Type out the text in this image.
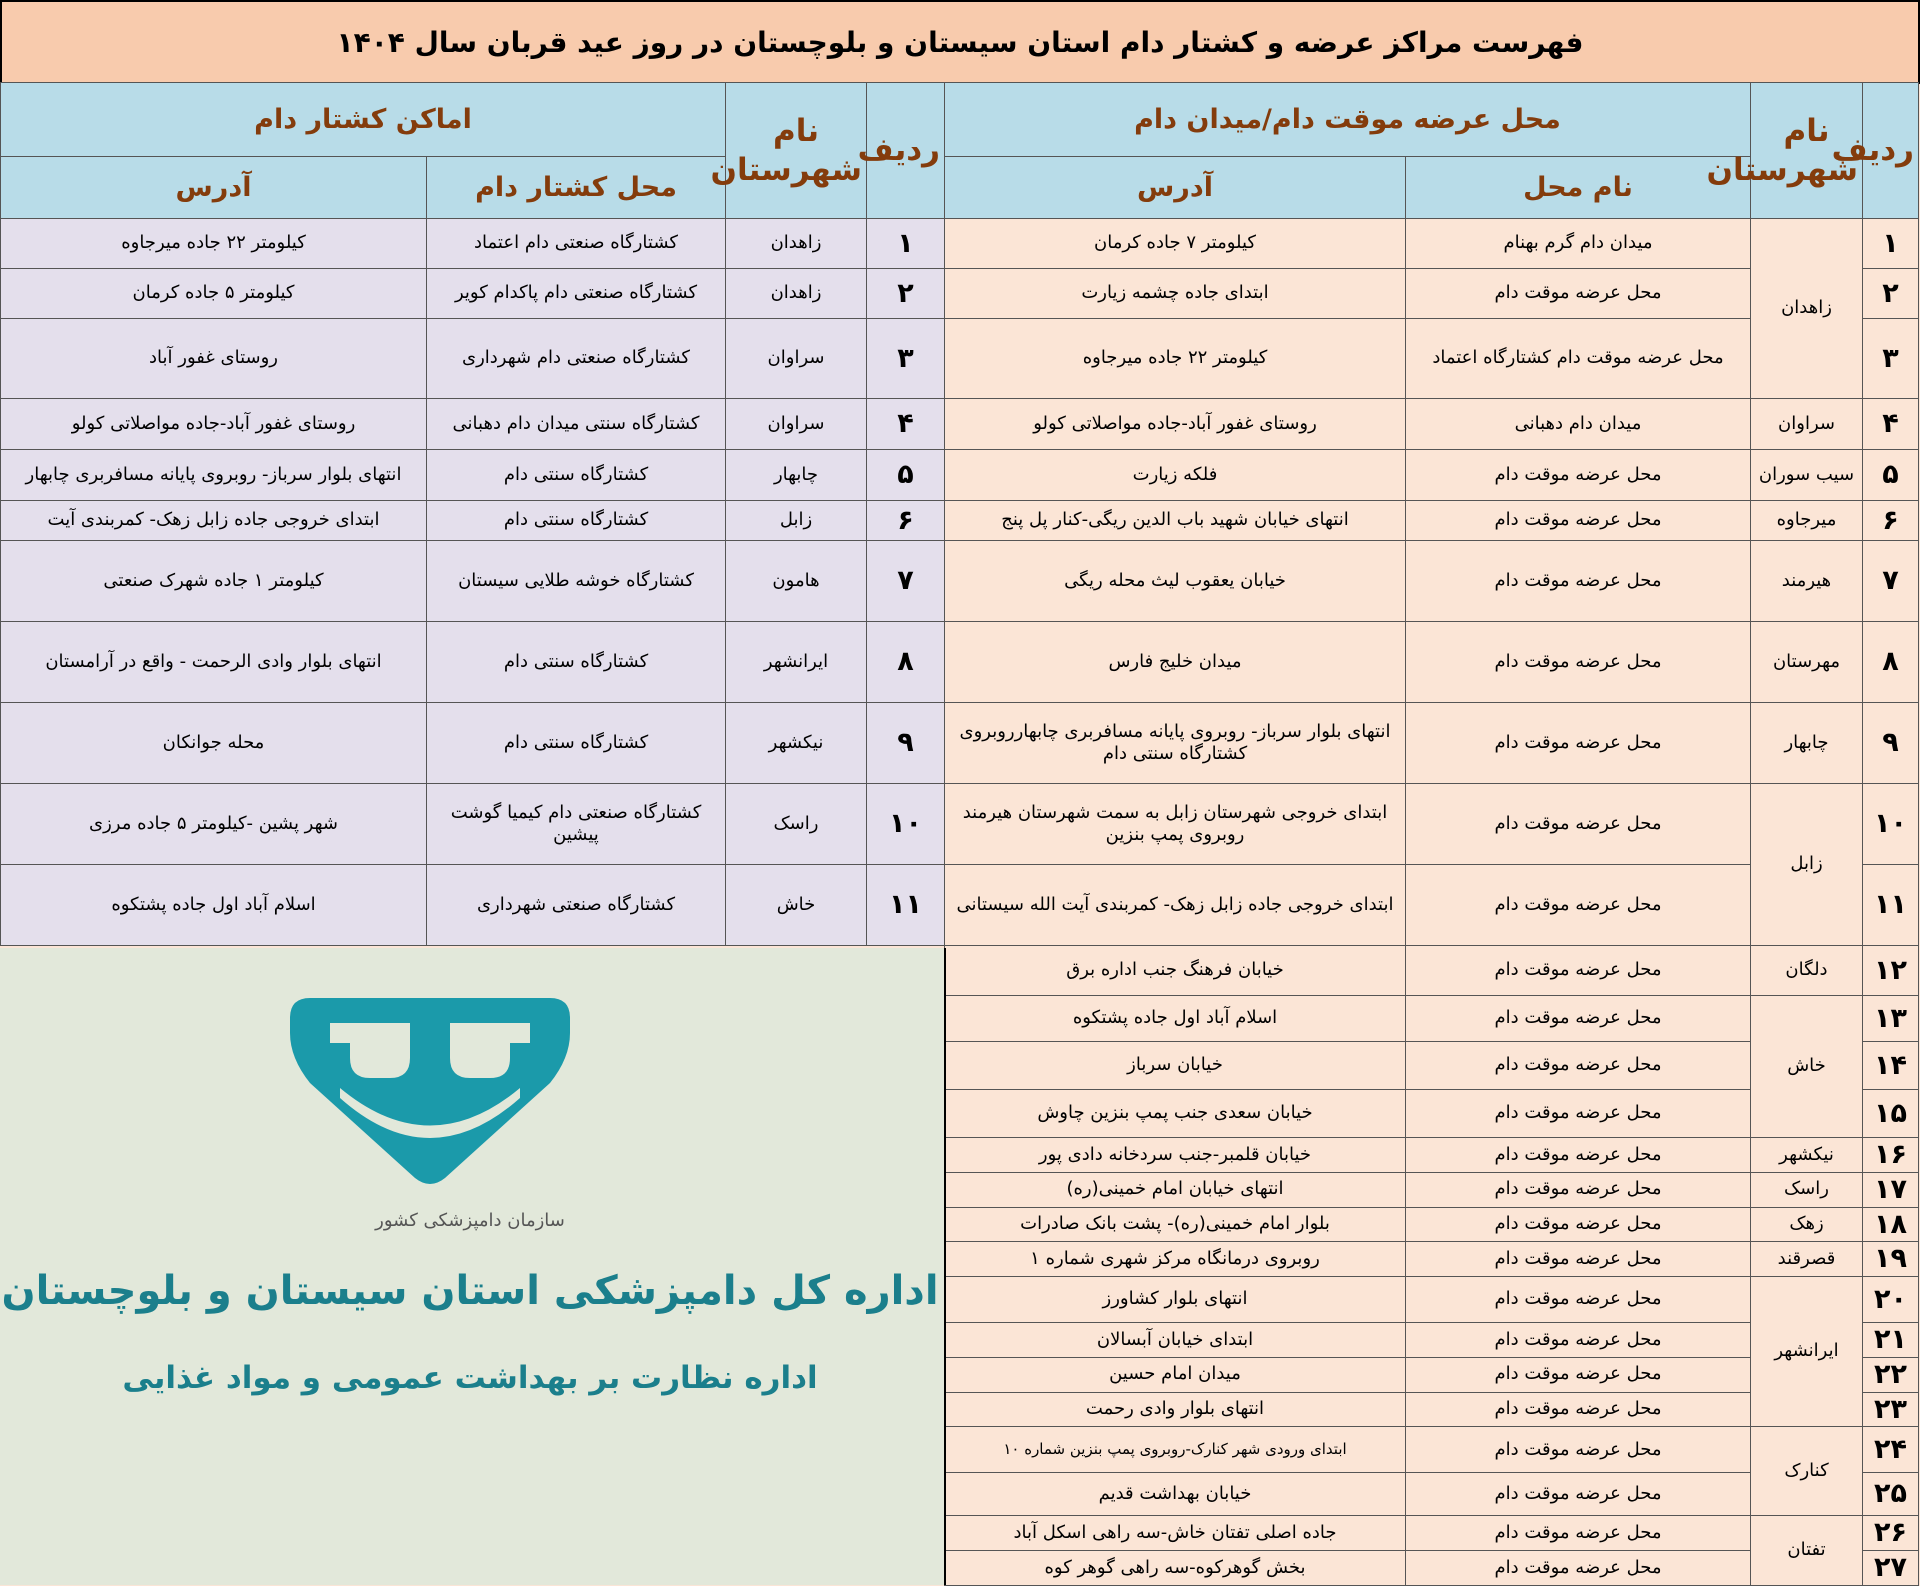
فهرست مراکز عرضه و کشتار دام استان سیستان و بلوچستان در روز عید قربان سال ۱۴۰۴
ردیف	نام شهرستان	محل عرضه موقت دام/میدان دام	
		نام محل	آدرس
۱	زاهدان	میدان دام گرم بهنام	کیلومتر ۷ جاده کرمان
۲		محل عرضه موقت دام	ابتدای جاده چشمه زیارت
۳		محل عرضه موقت دام کشتارگاه اعتماد	کیلومتر ۲۲ جاده میرجاوه
۴	سراوان	میدان دام دهبانی	روستای غفور آباد-جاده مواصلاتی کولو
۵	سیب سوران	محل عرضه موقت دام	فلکه زیارت
۶	میرجاوه	محل عرضه موقت دام	انتهای خیابان شهید باب الدین ریگی-کنار پل پنج
۷	هیرمند	محل عرضه موقت دام	خیابان یعقوب لیث محله ریگی
۸	مهرستان	محل عرضه موقت دام	میدان خلیج فارس
۹	چابهار	محل عرضه موقت دام	انتهای بلوار سرباز- روبروی پایانه مسافربری چابهارروبروی کشتارگاه سنتی دام
۱۰	زابل	محل عرضه موقت دام	ابتدای خروجی شهرستان زابل به سمت شهرستان هیرمند روبروی پمپ بنزین
۱۱		محل عرضه موقت دام	ابتدای خروجی جاده زابل زهک- کمربندی آیت الله سیستانی
۱۲	دلگان	محل عرضه موقت دام	خیابان فرهنگ جنب اداره برق
۱۳	خاش	محل عرضه موقت دام	اسلام آباد اول جاده پشتکوه
۱۴		محل عرضه موقت دام	خیابان سرباز
۱۵		محل عرضه موقت دام	خیابان سعدی جنب پمپ بنزین چاوش
۱۶	نیکشهر	محل عرضه موقت دام	خیابان قلمبر-جنب سردخانه دادی پور
۱۷	راسک	محل عرضه موقت دام	انتهای خیابان امام خمینی(ره)
۱۸	زهک	محل عرضه موقت دام	بلوار امام خمینی(ره)- پشت بانک صادرات
۱۹	قصرقند	محل عرضه موقت دام	روبروی درمانگاه مرکز شهری شماره ۱
۲۰	ایرانشهر	محل عرضه موقت دام	انتهای بلوار کشاورز
۲۱		محل عرضه موقت دام	ابتدای خیابان آبسالان
۲۲		محل عرضه موقت دام	میدان امام حسین
۲۳		محل عرضه موقت دام	انتهای بلوار وادی رحمت
۲۴	کنارک	محل عرضه موقت دام	ابتدای ورودی شهر کنارک-روبروی پمپ بنزین شماره ۱۰
۲۵		محل عرضه موقت دام	خیابان بهداشت قدیم
۲۶	تفتان	محل عرضه موقت دام	جاده اصلی تفتان خاش-سه راهی اسکل آباد
۲۷		محل عرضه موقت دام	بخش گوهرکوه-سه راهی گوهر کوه
ردیف	نام شهرستان	اماکن کشتار دام	
		محل کشتار دام	آدرس
۱	زاهدان	کشتارگاه صنعتی دام اعتماد	کیلومتر ۲۲ جاده میرجاوه
۲	زاهدان	کشتارگاه صنعتی دام پاکدام کویر	کیلومتر ۵ جاده کرمان
۳	سراوان	کشتارگاه صنعتی دام شهرداری	روستای غفور آباد
۴	سراوان	کشتارگاه سنتی میدان دام دهبانی	روستای غفور آباد-جاده مواصلاتی کولو
۵	چابهار	کشتارگاه سنتی دام	انتهای بلوار سرباز- روبروی پایانه مسافربری چابهار
۶	زابل	کشتارگاه سنتی دام	ابتدای خروجی جاده زابل زهک- کمربندی آیت
۷	هامون	کشتارگاه خوشه طلایی سیستان	کیلومتر ۱ جاده شهرک صنعتی
۸	ایرانشهر	کشتارگاه سنتی دام	انتهای بلوار وادی الرحمت - واقع در آرامستان
۹	نیکشهر	کشتارگاه سنتی دام	محله جوانکان
۱۰	راسک	کشتارگاه صنعتی دام کیمیا گوشت پیشین	شهر پشین -کیلومتر ۵ جاده مرزی
۱۱	خاش	کشتارگاه صنعتی شهرداری	اسلام آباد اول جاده پشتکوه
سازمان دامپزشکی کشور
اداره کل دامپزشکی استان سیستان و بلوچستان
اداره نظارت بر بهداشت عمومی و مواد غذایی
